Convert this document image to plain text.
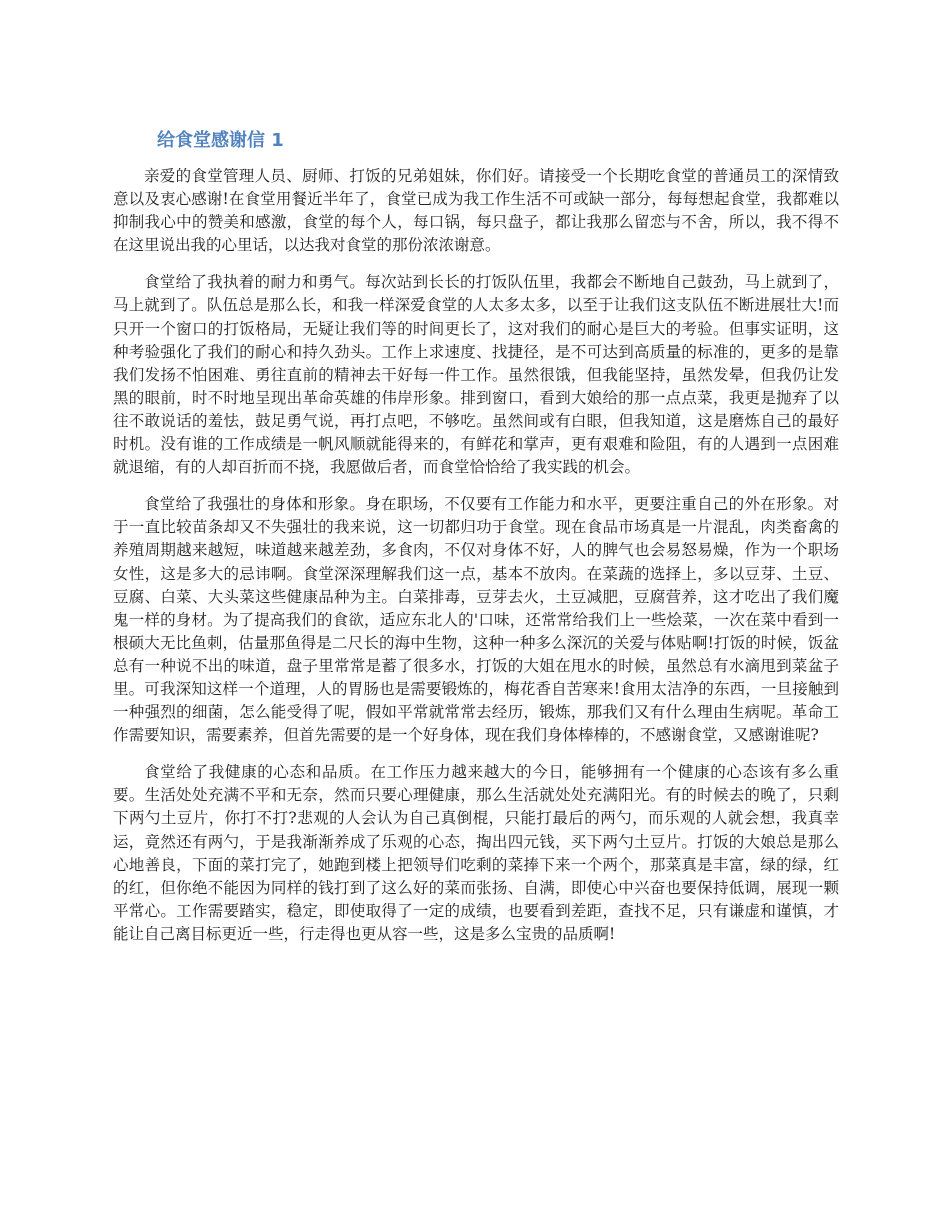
给食堂感谢信 1

亲爱的食堂管理人员、厨师、打饭的兄弟姐妹，你们好。请接受一个长期吃食堂的普通员工的深情致意以及衷心感谢!在食堂用餐近半年了，食堂已成为我工作生活不可或缺一部分，每每想起食堂，我都难以抑制我心中的赞美和感激，食堂的每个人，每口锅，每只盘子，都让我那么留恋与不舍，所以，我不得不在这里说出我的心里话，以达我对食堂的那份浓浓谢意。

食堂给了我执着的耐力和勇气。每次站到长长的打饭队伍里，我都会不断地自己鼓劲，马上就到了，马上就到了。队伍总是那么长，和我一样深爱食堂的人太多太多，以至于让我们这支队伍不断进展壮大!而只开一个窗口的打饭格局，无疑让我们等的时间更长了，这对我们的耐心是巨大的考验。但事实证明，这种考验强化了我们的耐心和持久劲头。工作上求速度、找捷径，是不可达到高质量的标准的，更多的是靠我们发扬不怕困难、勇往直前的精神去干好每一件工作。虽然很饿，但我能坚持，虽然发晕，但我仍让发黑的眼前，时不时地呈现出革命英雄的伟岸形象。排到窗口，看到大娘给的那一点点菜，我更是抛弃了以往不敢说话的羞怯，鼓足勇气说，再打点吧，不够吃。虽然间或有白眼，但我知道，这是磨炼自己的最好时机。没有谁的工作成绩是一帆风顺就能得来的，有鲜花和掌声，更有艰难和险阻，有的人遇到一点困难就退缩，有的人却百折而不挠，我愿做后者，而食堂恰恰给了我实践的机会。

食堂给了我强壮的身体和形象。身在职场，不仅要有工作能力和水平，更要注重自己的外在形象。对于一直比较苗条却又不失强壮的我来说，这一切都归功于食堂。现在食品市场真是一片混乱，肉类畜禽的养殖周期越来越短，味道越来越差劲，多食肉，不仅对身体不好，人的脾气也会易怒易燥，作为一个职场女性，这是多大的忌讳啊。食堂深深理解我们这一点，基本不放肉。在菜蔬的选择上，多以豆芽、土豆、豆腐、白菜、大头菜这些健康品种为主。白菜排毒，豆芽去火，土豆减肥，豆腐营养，这才吃出了我们魔鬼一样的身材。为了提高我们的食欲，适应东北人的'口味，还常常给我们上一些烩菜，一次在菜中看到一根硕大无比鱼刺，估量那鱼得是二尺长的海中生物，这种一种多么深沉的关爱与体贴啊!打饭的时候，饭盆总有一种说不出的味道，盘子里常常是蓄了很多水，打饭的大姐在甩水的时候，虽然总有水滴甩到菜盆子里。可我深知这样一个道理，人的胃肠也是需要锻炼的，梅花香自苦寒来!食用太洁净的东西，一旦接触到一种强烈的细菌，怎么能受得了呢，假如平常就常常去经历，锻炼，那我们又有什么理由生病呢。革命工作需要知识，需要素养，但首先需要的是一个好身体，现在我们身体棒棒的，不感谢食堂，又感谢谁呢?

食堂给了我健康的心态和品质。在工作压力越来越大的今日，能够拥有一个健康的心态该有多么重要。生活处处充满不平和无奈，然而只要心理健康，那么生活就处处充满阳光。有的时候去的晚了，只剩下两勺土豆片，你打不打?悲观的人会认为自己真倒棍，只能打最后的两勺，而乐观的人就会想，我真幸运，竟然还有两勺，于是我渐渐养成了乐观的心态，掏出四元钱，买下两勺土豆片。打饭的大娘总是那么心地善良，下面的菜打完了，她跑到楼上把领导们吃剩的菜捧下来一个两个，那菜真是丰富，绿的绿，红的红，但你绝不能因为同样的钱打到了这么好的菜而张扬、自满，即使心中兴奋也要保持低调，展现一颗平常心。工作需要踏实，稳定，即使取得了一定的成绩，也要看到差距，查找不足，只有谦虚和谨慎，才能让自己离目标更近一些，行走得也更从容一些，这是多么宝贵的品质啊!
